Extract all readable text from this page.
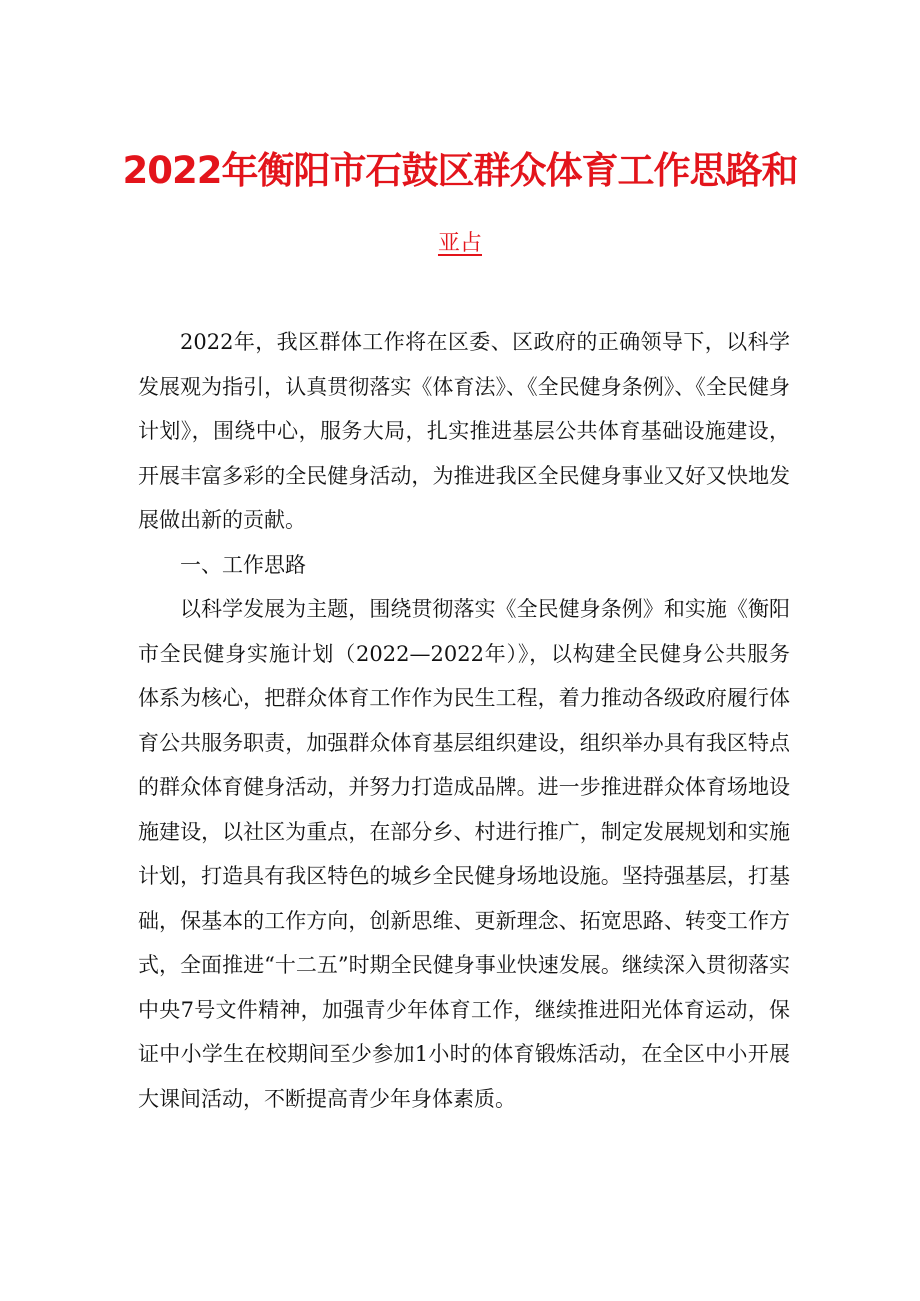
2022年衡阳市石鼓区群众体育工作思路和
亚占

2022年，我区群体工作将在区委、区政府的正确领导下，以科学发展观为指引，认真贯彻落实《体育法》、《全民健身条例》、《全民健身计划》，围绕中心，服务大局，扎实推进基层公共体育基础设施建设，开展丰富多彩的全民健身活动，为推进我区全民健身事业又好又快地发展做出新的贡献。

一、工作思路

以科学发展为主题，围绕贯彻落实《全民健身条例》和实施《衡阳市全民健身实施计划（2022—2022年）》，以构建全民健身公共服务体系为核心，把群众体育工作作为民生工程，着力推动各级政府履行体育公共服务职责，加强群众体育基层组织建设，组织举办具有我区特点的群众体育健身活动，并努力打造成品牌。进一步推进群众体育场地设施建设，以社区为重点，在部分乡、村进行推广，制定发展规划和实施计划，打造具有我区特色的城乡全民健身场地设施。坚持强基层，打基础，保基本的工作方向，创新思维、更新理念、拓宽思路、转变工作方式，全面推进“十二五”时期全民健身事业快速发展。继续深入贯彻落实中央7号文件精神，加强青少年体育工作，继续推进阳光体育运动，保证中小学生在校期间至少参加1小时的体育锻炼活动，在全区中小开展大课间活动，不断提高青少年身体素质。
